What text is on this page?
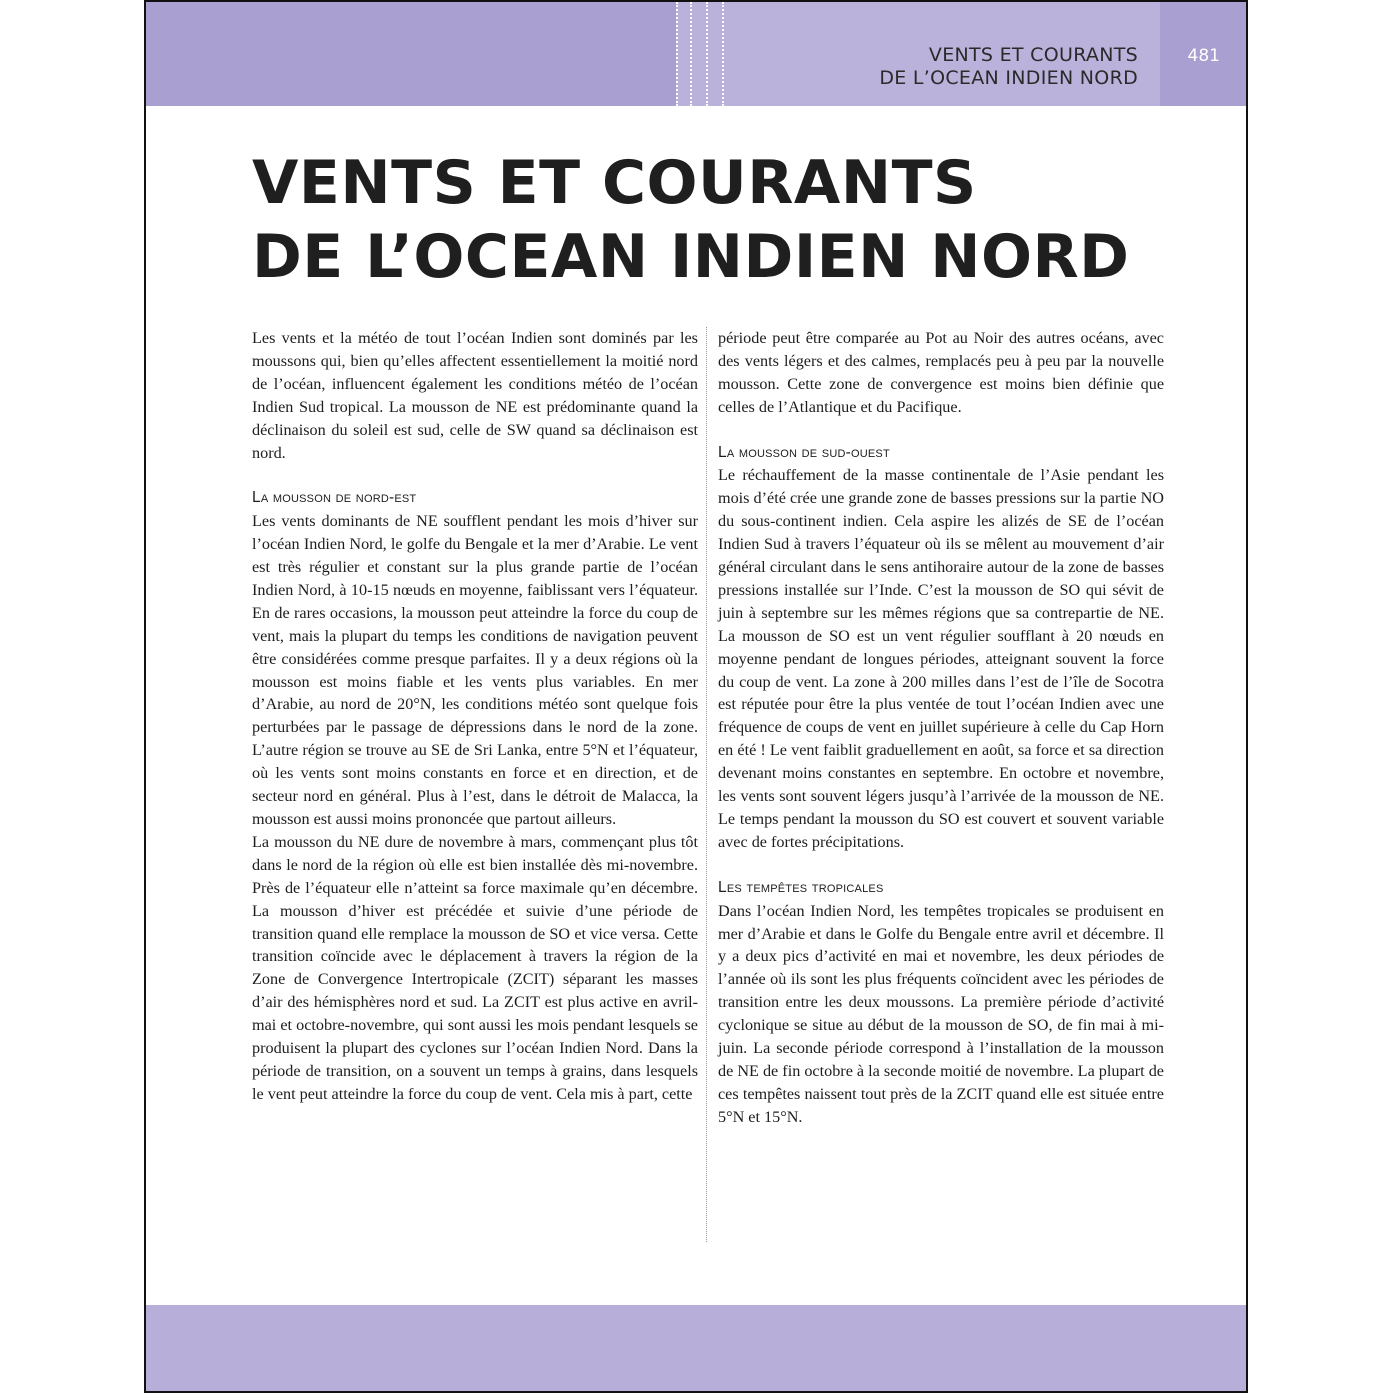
VENTS ET COURANTS
DE L’OCEAN INDIEN NORD
481
VENTS ET COURANTS
DE L’OCEAN INDIEN NORD

Les vents et la météo de tout l’océan Indien sont dominés par les moussons qui, bien qu’elles affectent essentiellement la moitié nord de l’océan, influencent également les conditions météo de l’océan Indien Sud tropical. La mousson de NE est prédominante quand la déclinaison du soleil est sud, celle de SW quand sa déclinaison est nord.

La mousson de nord-est

Les vents dominants de NE soufflent pendant les mois d’hiver sur l’océan Indien Nord, le golfe du Bengale et la mer d’Arabie. Le vent est très régulier et constant sur la plus grande partie de l’océan Indien Nord, à 10-15 nœuds en moyenne, faiblissant vers l’équateur. En de rares occasions, la mousson peut atteindre la force du coup de vent, mais la plupart du temps les conditions de navigation peuvent être considérées comme presque parfaites. Il y a deux régions où la mousson est moins fiable et les vents plus variables. En mer d’Arabie, au nord de 20°N, les conditions météo sont quelque fois perturbées par le passage de dépressions dans le nord de la zone. L’autre région se trouve au SE de Sri Lanka, entre 5°N et l’équateur, où les vents sont moins constants en force et en direction, et de secteur nord en général. Plus à l’est, dans le détroit de Malacca, la mousson est aussi moins prononcée que partout ailleurs.

La mousson du NE dure de novembre à mars, commençant plus tôt dans le nord de la région où elle est bien installée dès mi-novembre. Près de l’équateur elle n’atteint sa force maximale qu’en décembre. La mousson d’hiver est précédée et suivie d’une période de transition quand elle remplace la mousson de SO et vice versa. Cette transition coïncide avec le déplacement à travers la région de la Zone de Convergence Intertropicale (ZCIT) séparant les masses d’air des hémisphères nord et sud. La ZCIT est plus active en avril-mai et octobre-novembre, qui sont aussi les mois pendant lesquels se produisent la plupart des cyclones sur l’océan Indien Nord. Dans la période de transition, on a souvent un temps à grains, dans lesquels le vent peut atteindre la force du coup de vent. Cela mis à part, cette

période peut être comparée au Pot au Noir des autres océans, avec des vents légers et des calmes, remplacés peu à peu par la nouvelle mousson. Cette zone de convergence est moins bien définie que celles de l’Atlantique et du Pacifique.

La mousson de sud-ouest

Le réchauffement de la masse continentale de l’Asie pendant les mois d’été crée une grande zone de basses pressions sur la partie NO du sous-continent indien. Cela aspire les alizés de SE de l’océan Indien Sud à travers l’équateur où ils se mêlent au mouvement d’air général circulant dans le sens antihoraire autour de la zone de basses pressions installée sur l’Inde. C’est la mousson de SO qui sévit de juin à septembre sur les mêmes régions que sa contrepartie de NE. La mousson de SO est un vent régulier soufflant à 20 nœuds en moyenne pendant de longues périodes, atteignant souvent la force du coup de vent. La zone à 200 milles dans l’est de l’île de Socotra est réputée pour être la plus ventée de tout l’océan Indien avec une fréquence de coups de vent en juillet supérieure à celle du Cap Horn en été ! Le vent faiblit graduellement en août, sa force et sa direction devenant moins constantes en septembre. En octobre et novembre, les vents sont souvent légers jusqu’à l’arrivée de la mousson de NE. Le temps pendant la mousson du SO est couvert et souvent variable avec de fortes précipitations.

Les tempêtes tropicales

Dans l’océan Indien Nord, les tempêtes tropicales se produisent en mer d’Arabie et dans le Golfe du Bengale entre avril et décembre. Il y a deux pics d’activité en mai et novembre, les deux périodes de l’année où ils sont les plus fréquents coïncident avec les périodes de transition entre les deux moussons. La première période d’activité cyclonique se situe au début de la mousson de SO, de fin mai à mi-juin. La seconde période correspond à l’installation de la mousson de NE de fin octobre à la seconde moitié de novembre. La plupart de ces tempêtes naissent tout près de la ZCIT quand elle est située entre 5°N et 15°N.
